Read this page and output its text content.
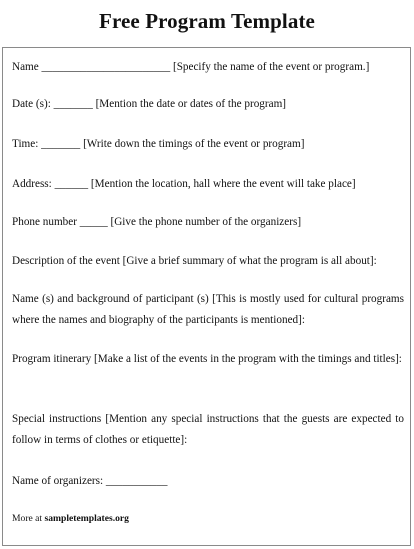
Free Program Template
Name _______________________ [Specify the name of the event or program.]
Date (s): _______ [Mention the date or dates of the program]
Time: _______ [Write down the timings of the event or program]
Address: ______ [Mention the location, hall where the event will take place]
Phone number _____ [Give the phone number of the organizers]
Description of the event [Give a brief summary of what the program is all about]:
Name (s) and background of participant (s) [This is mostly used for cultural programs where the names and biography of the participants is mentioned]:
Program itinerary [Make a list of the events in the program with the timings and titles]:
Special instructions [Mention any special instructions that the guests are expected to follow in terms of clothes or etiquette]:
Name of organizers: ___________
More at sampletemplates.org
